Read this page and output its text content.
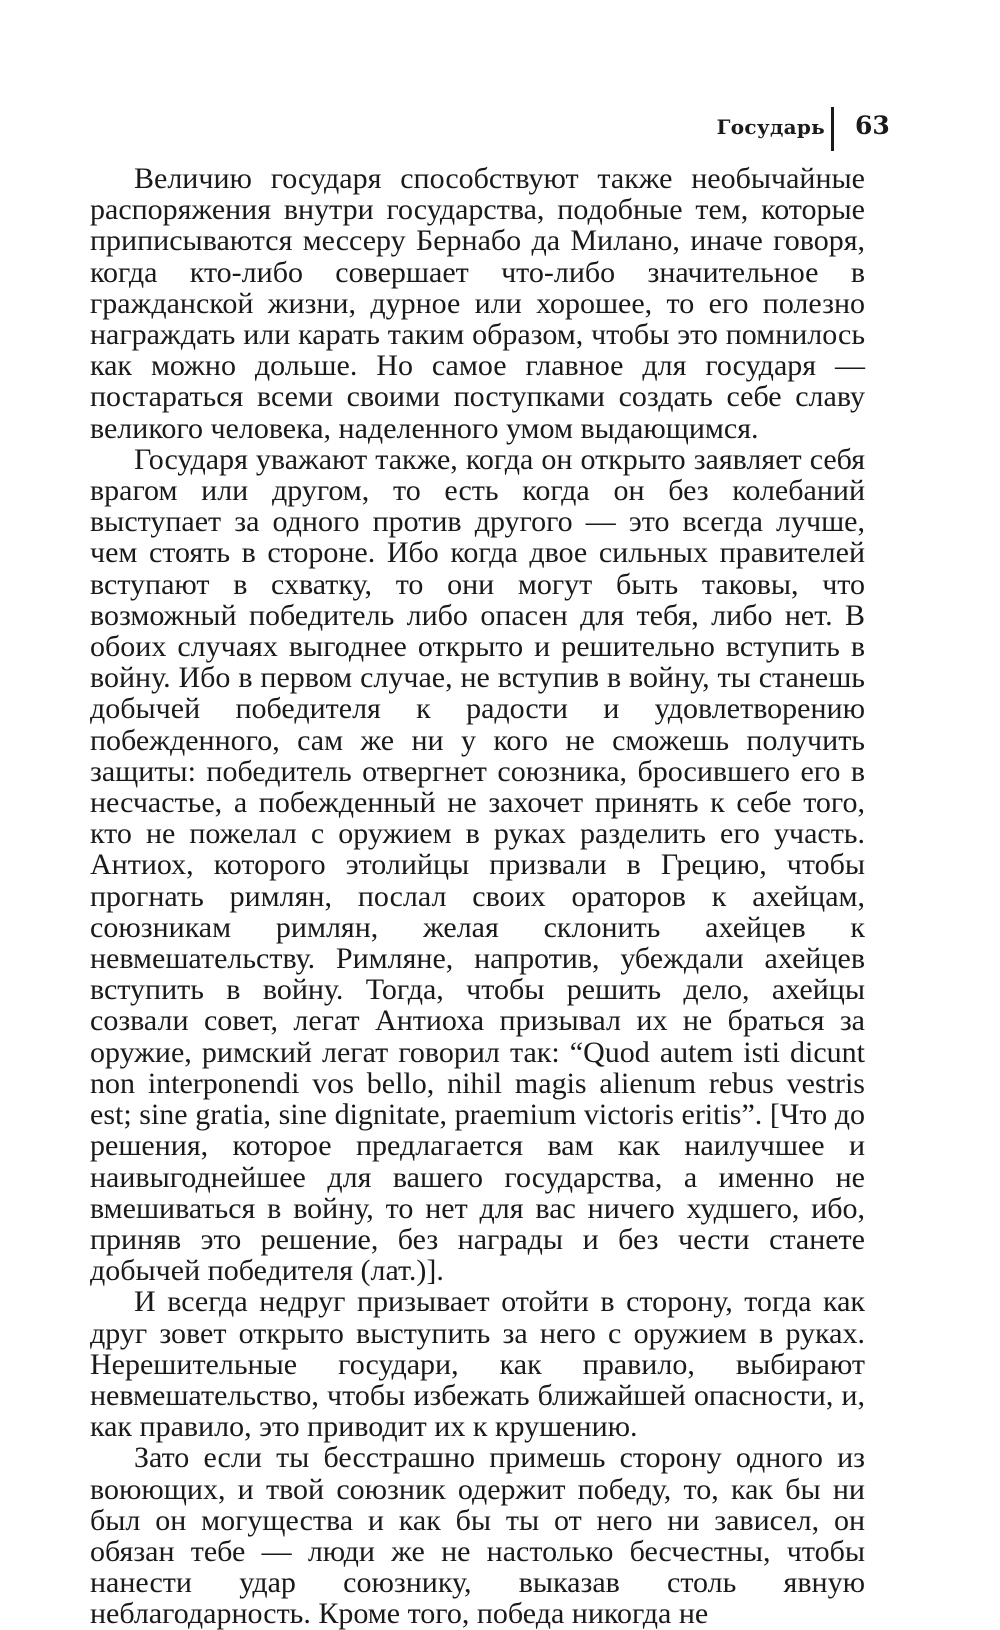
Государь 63

Величию государя способствуют также необычайные распоряжения внутри государства, подобные тем, которые приписываются мессеру Бернабо да Милано, иначе говоря, когда кто-либо совершает что-либо значительное в гражданской жизни, дурное или хорошее, то его полезно награждать или карать таким образом, чтобы это помнилось как можно дольше. Но самое главное для государя — постараться всеми своими поступками создать себе славу великого человека, наделенного умом выдающимся.

Государя уважают также, когда он открыто заявляет себя врагом или другом, то есть когда он без колебаний выступает за одного против другого — это всегда лучше, чем стоять в стороне. Ибо когда двое сильных правителей вступают в схватку, то они могут быть таковы, что возможный победитель либо опасен для тебя, либо нет. В обоих случаях выгоднее открыто и решительно вступить в войну. Ибо в первом случае, не вступив в войну, ты станешь добычей победителя к радости и удовлетворению побежденного, сам же ни у кого не сможешь получить защиты: победитель отвергнет союзника, бросившего его в несчастье, а побежденный не захочет принять к себе того, кто не пожелал с оружием в руках разделить его участь. Антиох, которого этолийцы призвали в Грецию, чтобы прогнать римлян, послал своих ораторов к ахейцам, союзникам римлян, желая склонить ахейцев к невмешательству. Римляне, напротив, убеждали ахейцев вступить в войну. Тогда, чтобы решить дело, ахейцы созвали совет, легат Антиоха призывал их не браться за оружие, римский легат говорил так: “Quod autem isti dicunt non interponendi vos bello, nihil magis alienum rebus vestris est; sine gratia, sine dignitate, praemium victoris eritis”. [Что до решения, которое предлагается вам как наилучшее и наивыгоднейшее для вашего государства, а именно не вмешиваться в войну, то нет для вас ничего худшего, ибо, приняв это решение, без награды и без чести станете добычей победителя (лат.)].

И всегда недруг призывает отойти в сторону, тогда как друг зовет открыто выступить за него с оружием в руках. Нерешительные государи, как правило, выбирают невмешательство, чтобы избежать ближайшей опасности, и, как правило, это приводит их к крушению.

Зато если ты бесстрашно примешь сторону одного из воюющих, и твой союзник одержит победу, то, как бы ни был он могущества и как бы ты от него ни зависел, он обязан тебе — люди же не настолько бесчестны, чтобы нанести удар союзнику, выказав столь явную неблагодарность. Кроме того, победа никогда не
